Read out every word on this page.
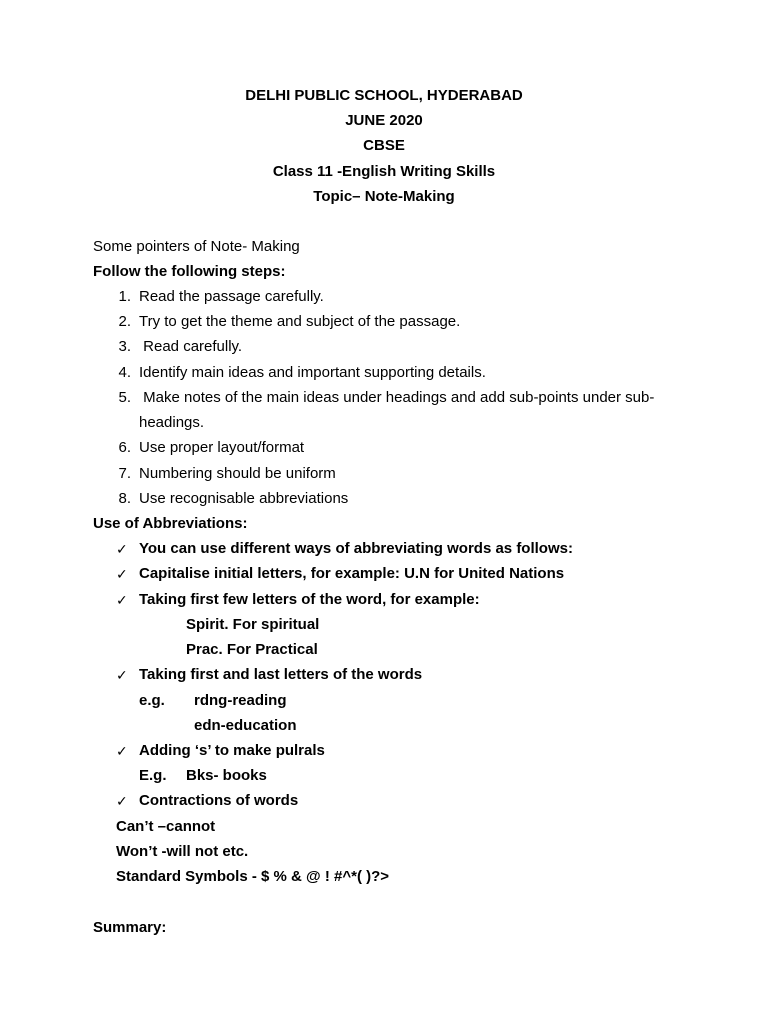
DELHI PUBLIC SCHOOL, HYDERABAD
JUNE 2020
CBSE
Class 11 -English Writing Skills
Topic– Note-Making
Some pointers of Note- Making
Follow the following steps:
1. Read the passage carefully.
2. Try to get the theme and subject of the passage.
3. Read carefully.
4. Identify main ideas and important supporting details.
5. Make notes of the main ideas under headings and add sub-points under sub-
headings.
6. Use proper layout/format
7. Numbering should be uniform
8. Use recognisable abbreviations
Use of Abbreviations:
✓ You can use different ways of abbreviating words as follows:
✓ Capitalise initial letters, for example: U.N for United Nations
✓ Taking first few letters of the word, for example:
Spirit. For spiritual
Prac. For Practical
✓ Taking first and last letters of the words
e.g. rdng-reading
edn-education
✓ Adding ‘s’ to make pulrals
E.g. Bks- books
✓ Contractions of words
Can’t –cannot
Won’t -will not etc.
Standard Symbols - $ % & @ ! #^*( )?>
Summary:
